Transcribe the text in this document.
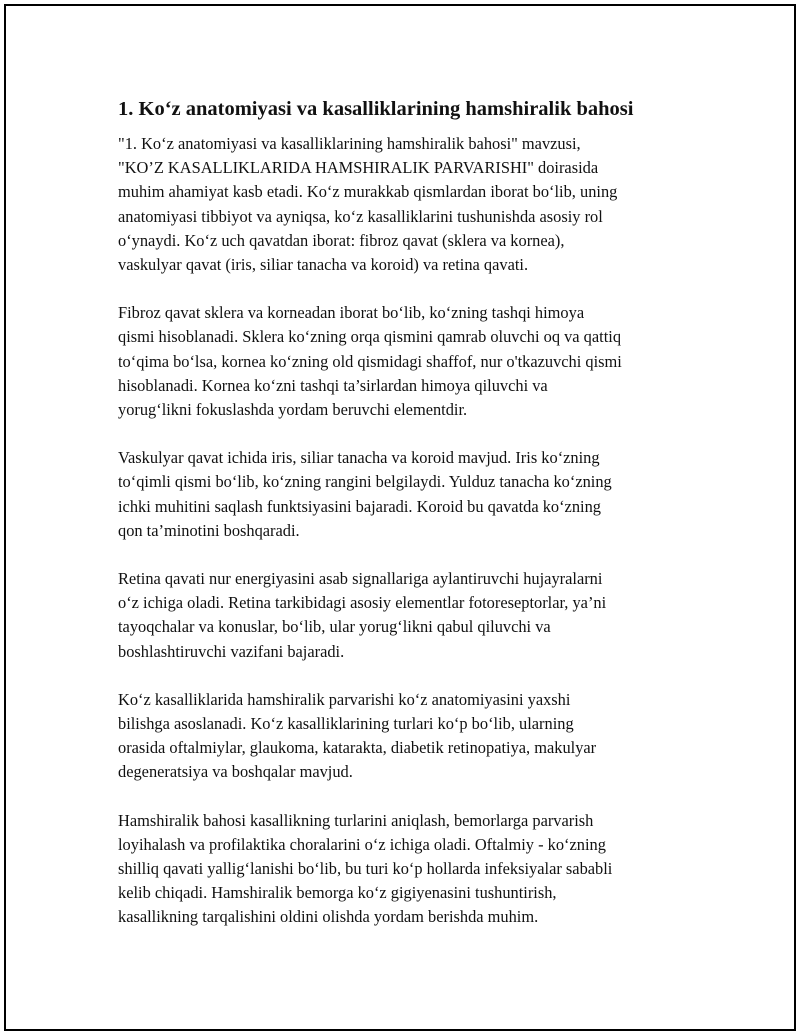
1. Ko‘z anatomiyasi va kasalliklarining hamshiralik bahosi
"1. Ko‘z anatomiyasi va kasalliklarining hamshiralik bahosi" mavzusi,
"KO’Z KASALLIKLARIDA HAMSHIRALIK PARVARISHI" doirasida
muhim ahamiyat kasb etadi. Ko‘z murakkab qismlardan iborat bo‘lib, uning
anatomiyasi tibbiyot va ayniqsa, ko‘z kasalliklarini tushunishda asosiy rol
o‘ynaydi. Ko‘z uch qavatdan iborat: fibroz qavat (sklera va kornea),
vaskulyar qavat (iris, siliar tanacha va koroid) va retina qavati.
Fibroz qavat sklera va korneadan iborat bo‘lib, ko‘zning tashqi himoya
qismi hisoblanadi. Sklera ko‘zning orqa qismini qamrab oluvchi oq va qattiq
to‘qima bo‘lsa, kornea ko‘zning old qismidagi shaffof, nur o'tkazuvchi qismi
hisoblanadi. Kornea ko‘zni tashqi ta’sirlardan himoya qiluvchi va
yorug‘likni fokuslashda yordam beruvchi elementdir.
Vaskulyar qavat ichida iris, siliar tanacha va koroid mavjud. Iris ko‘zning
to‘qimli qismi bo‘lib, ko‘zning rangini belgilaydi. Yulduz tanacha ko‘zning
ichki muhitini saqlash funktsiyasini bajaradi. Koroid bu qavatda ko‘zning
qon ta’minotini boshqaradi.
Retina qavati nur energiyasini asab signallariga aylantiruvchi hujayralarni
o‘z ichiga oladi. Retina tarkibidagi asosiy elementlar fotoreseptorlar, ya’ni
tayoqchalar va konuslar, bo‘lib, ular yorug‘likni qabul qiluvchi va
boshlashtiruvchi vazifani bajaradi.
Ko‘z kasalliklarida hamshiralik parvarishi ko‘z anatomiyasini yaxshi
bilishga asoslanadi. Ko‘z kasalliklarining turlari ko‘p bo‘lib, ularning
orasida oftalmiylar, glaukoma, katarakta, diabetik retinopatiya, makulyar
degeneratsiya va boshqalar mavjud.
Hamshiralik bahosi kasallikning turlarini aniqlash, bemorlarga parvarish
loyihalash va profilaktika choralarini o‘z ichiga oladi. Oftalmiy - ko‘zning
shilliq qavati yallig‘lanishi bo‘lib, bu turi ko‘p hollarda infeksiyalar sababli
kelib chiqadi. Hamshiralik bemorga ko‘z gigiyenasini tushuntirish,
kasallikning tarqalishini oldini olishda yordam berishda muhim.
